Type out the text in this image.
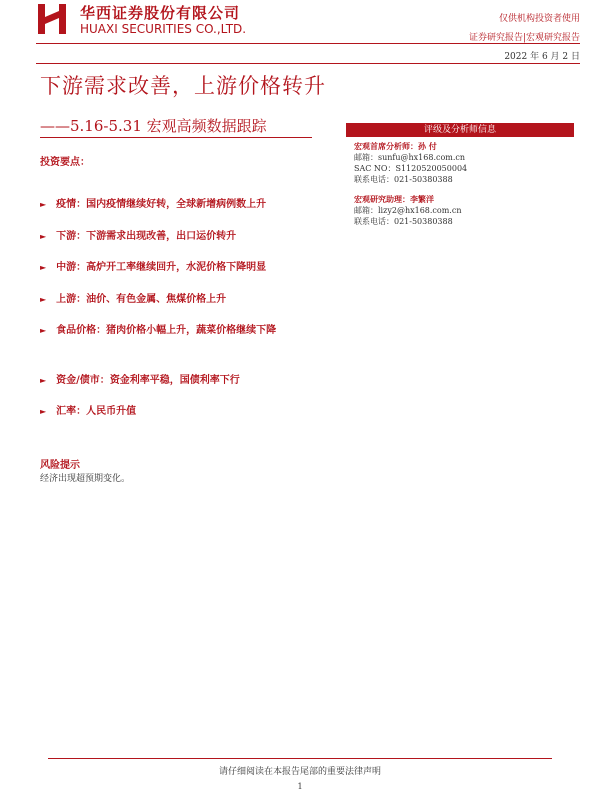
华西证券股份有限公司
HUAXI SECURITIES CO.,LTD.
仅供机构投资者使用
证券研究报告|宏观研究报告
2022 年 6 月 2 日
下游需求改善，上游价格转升
——5.16-5.31 宏观高频数据跟踪	评级及分析师信息
宏观首席分析师：孙 付
邮箱：sunfu@hx168.com.cn
SAC NO：S1120520050004
联系电话：021-50380388
宏观研究助理：李繁洋
邮箱：lizy2@hx168.com.cn
联系电话：021-50380388
投资要点：
► 疫情：国内疫情继续好转，全球新增病例数上升
► 下游：下游需求出现改善，出口运价转升
► 中游：高炉开工率继续回升，水泥价格下降明显
► 上游：油价、有色金属、焦煤价格上升
► 食品价格：猪肉价格小幅上升，蔬菜价格继续下降
► 资金/债市：资金利率平稳，国债利率下行
► 汇率：人民币升值
风险提示
经济出现超预期变化。
请仔细阅读在本报告尾部的重要法律声明
1
